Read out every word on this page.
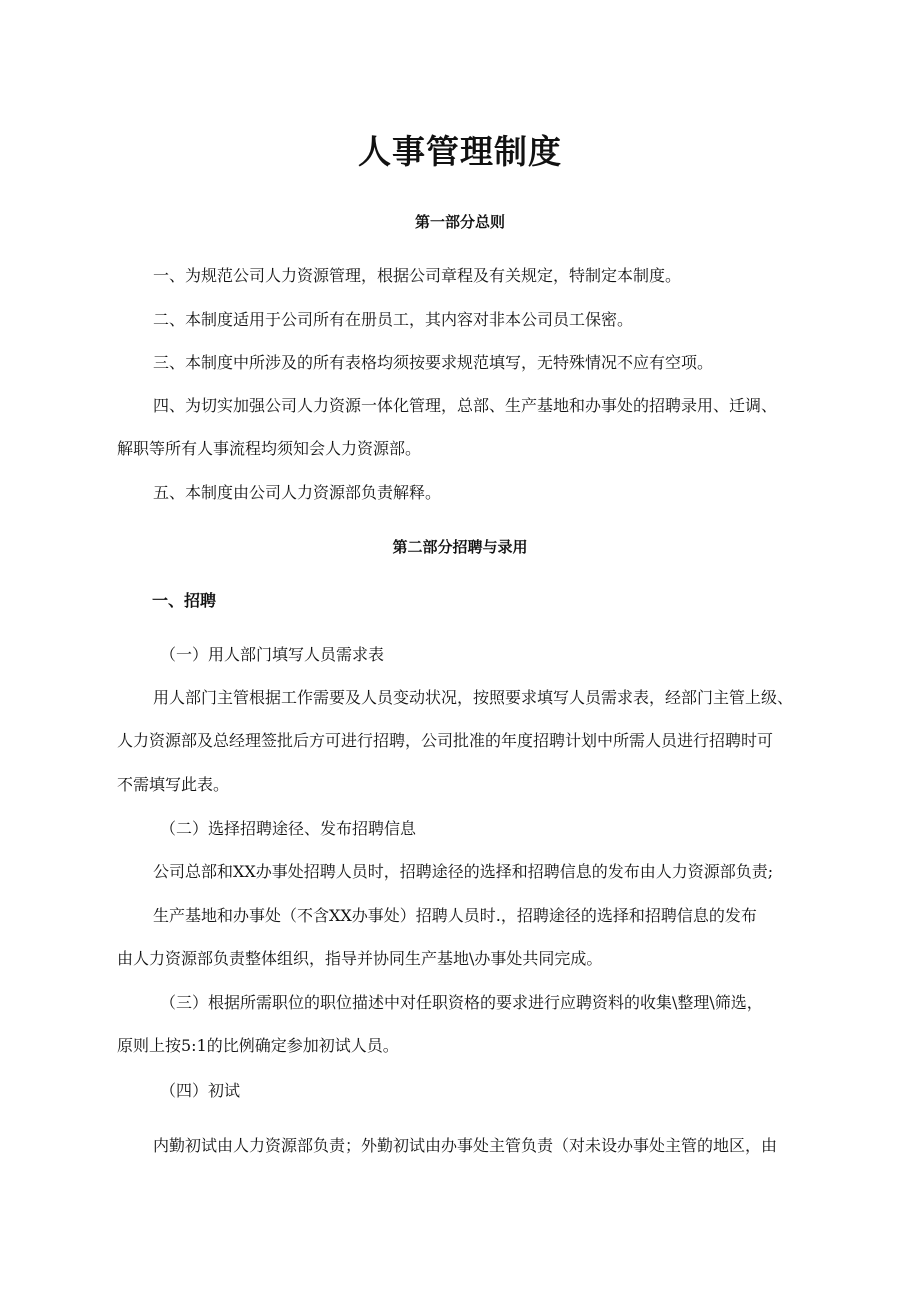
人事管理制度
第一部分总则

一、为规范公司人力资源管理，根据公司章程及有关规定，特制定本制度。

二、本制度适用于公司所有在册员工，其内容对非本公司员工保密。

三、本制度中所涉及的所有表格均须按要求规范填写，无特殊情况不应有空项。

四、为切实加强公司人力资源一体化管理，总部、生产基地和办事处的招聘录用、迁调、

解职等所有人事流程均须知会人力资源部。

五、本制度由公司人力资源部负责解释。

第二部分招聘与录用
一、招聘

（一）用人部门填写人员需求表

用人部门主管根据工作需要及人员变动状况，按照要求填写人员需求表，经部门主管上级、

人力资源部及总经理签批后方可进行招聘，公司批准的年度招聘计划中所需人员进行招聘时可

不需填写此表。

（二）选择招聘途径、发布招聘信息

公司总部和XX办事处招聘人员时，招聘途径的选择和招聘信息的发布由人力资源部负责;

生产基地和办事处（不含XX办事处）招聘人员时.，招聘途径的选择和招聘信息的发布

由人力资源部负责整体组织，指导并协同生产基地\办事处共同完成。

（三）根据所需职位的职位描述中对任职资格的要求进行应聘资料的收集\整理\筛选，

原则上按5:1的比例确定参加初试人员。

（四）初试

内勤初试由人力资源部负责；外勤初试由办事处主管负责（对未设办事处主管的地区，由
